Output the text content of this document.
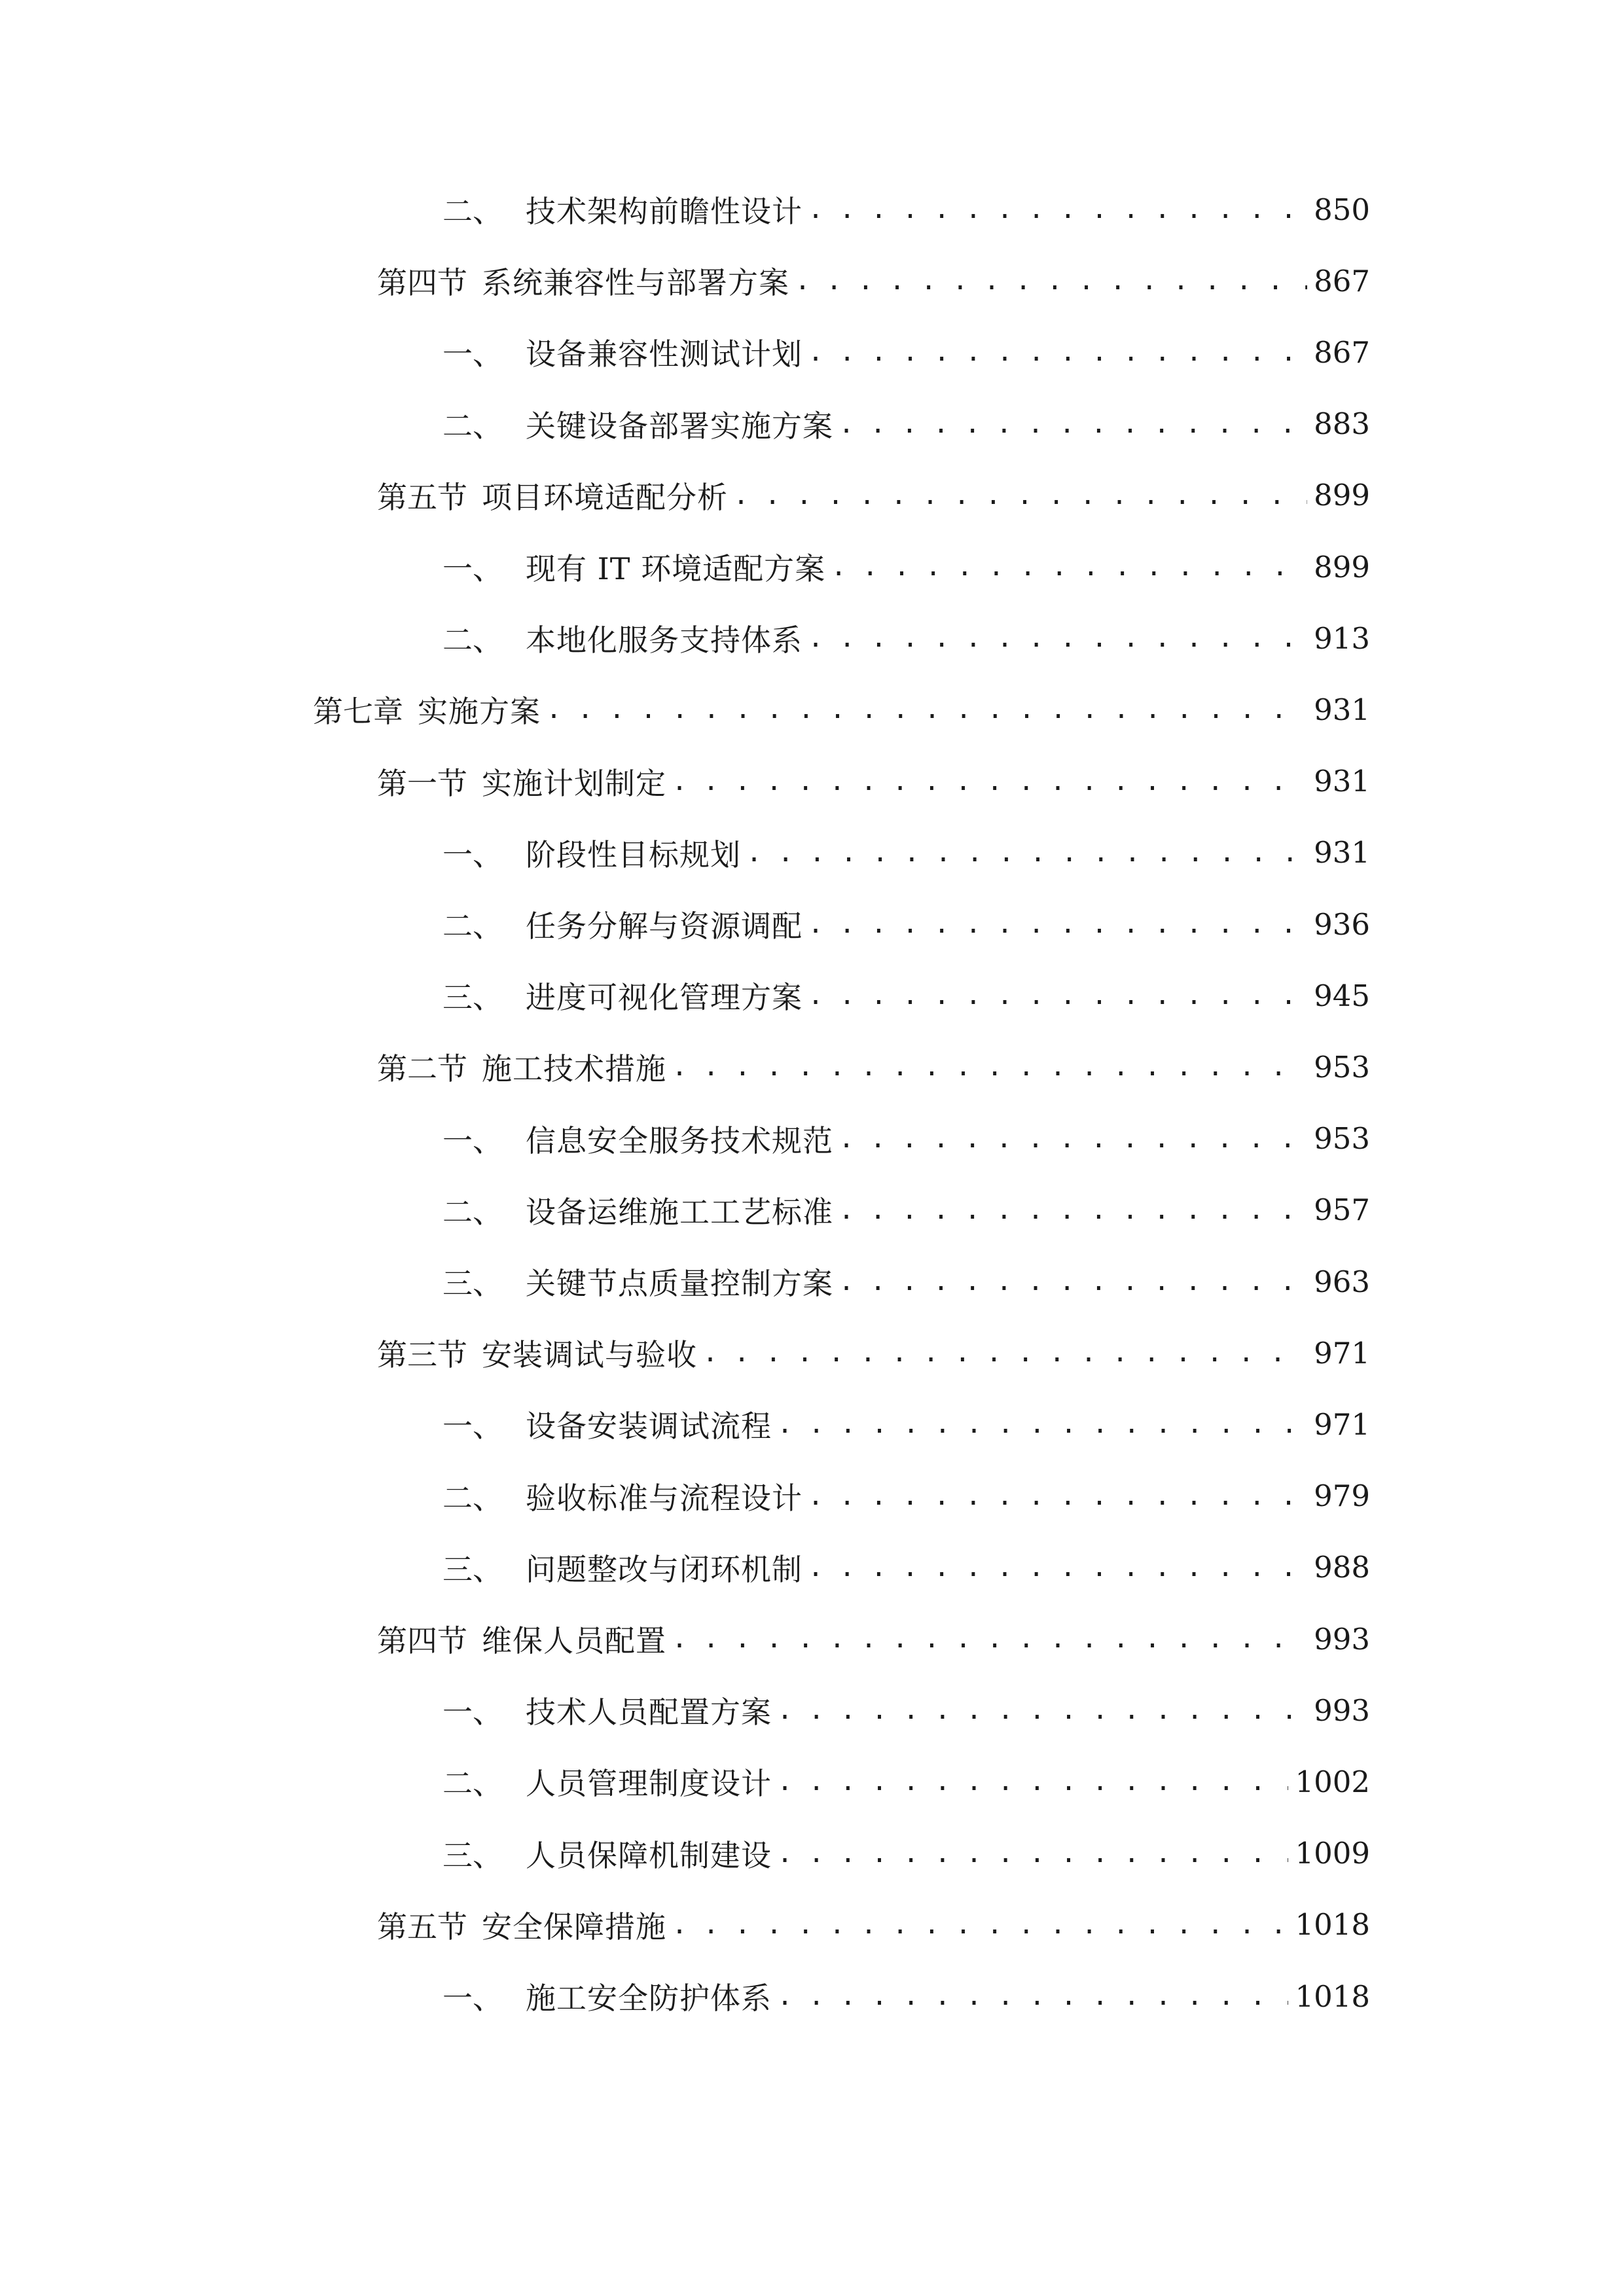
二、 技术架构前瞻性设计 . . .	850
第四节 系统兼容性与部署方案 . . .	867
一、 设备兼容性测试计划 . . .	867
二、 关键设备部署实施方案 . . .	883
第五节 项目环境适配分析 . . .	899
一、 现有 IT 环境适配方案 . . .	899
二、 本地化服务支持体系 . . .	913
第七章 实施方案 . . .	931
第一节 实施计划制定 . . .	931
一、 阶段性目标规划 . . .	931
二、 任务分解与资源调配 . . .	936
三、 进度可视化管理方案 . . .	945
第二节 施工技术措施 . . .	953
一、 信息安全服务技术规范 . . .	953
二、 设备运维施工工艺标准 . . .	957
三、 关键节点质量控制方案 . . .	963
第三节 安装调试与验收 . . .	971
一、 设备安装调试流程 . . .	971
二、 验收标准与流程设计 . . .	979
三、 问题整改与闭环机制 . . .	988
第四节 维保人员配置 . . .	993
一、 技术人员配置方案 . . .	993
二、 人员管理制度设计 . . .	1002
三、 人员保障机制建设 . . .	1009
第五节 安全保障措施 . . .	1018
一、 施工安全防护体系 . . .	1018
